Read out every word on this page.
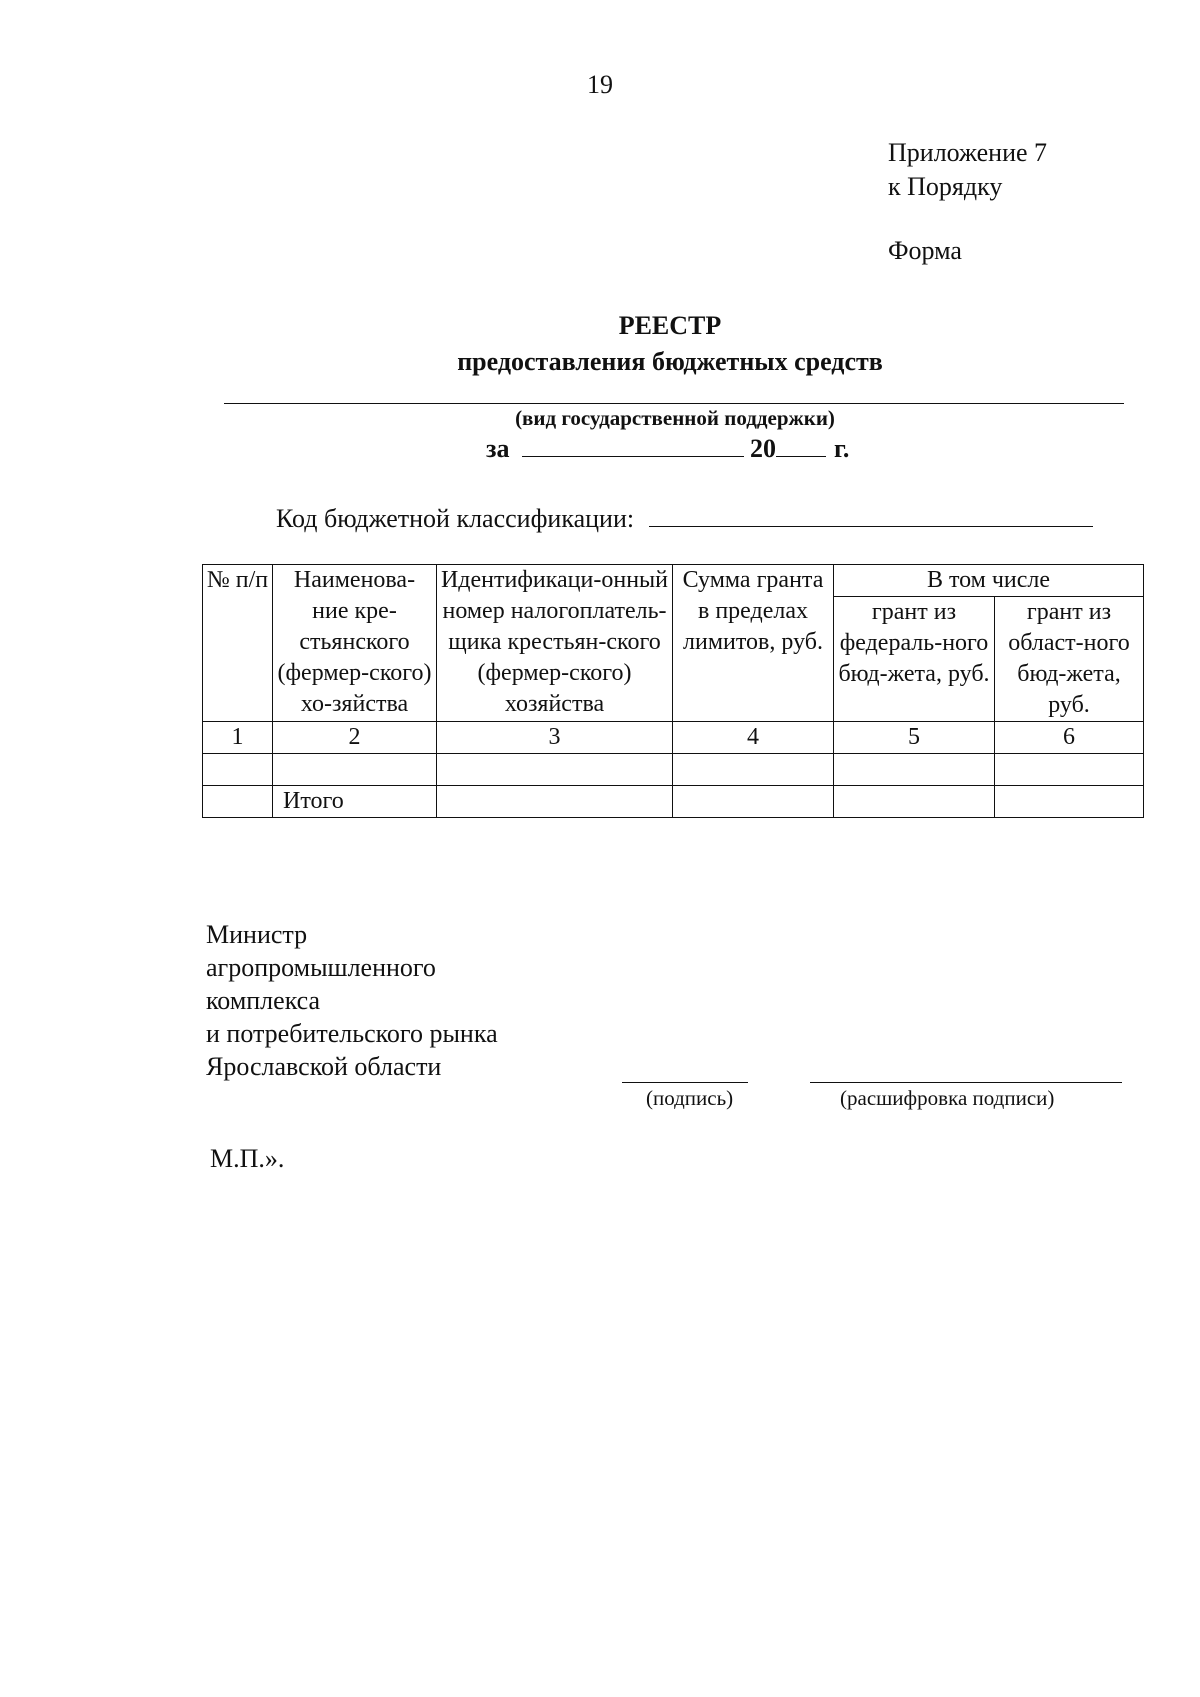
19
Приложение 7
к Порядку
Форма
РЕЕСТР
предоставления бюджетных средств
(вид государственной поддержки)
за	20 г.
Код бюджетной классификации:
№ п/п	Наименова-ние кре-стьянского (фермер-ского) хо-зяйства	Идентификаци-онный номер налогоплатель-щика крестьян-ского (фермер-ского) хозяйства	Сумма гранта в пределах лимитов, руб.	В том числе	
				грант из федераль-ного бюд-жета, руб.	грант из област-ного бюд-жета, руб.
1	2	3	4	5	6

	Итого				
Министр
агропромышленного
комплекса
и потребительского рынка
Ярославской области
(подпись)	(расшифровка подписи)
М.П.».
